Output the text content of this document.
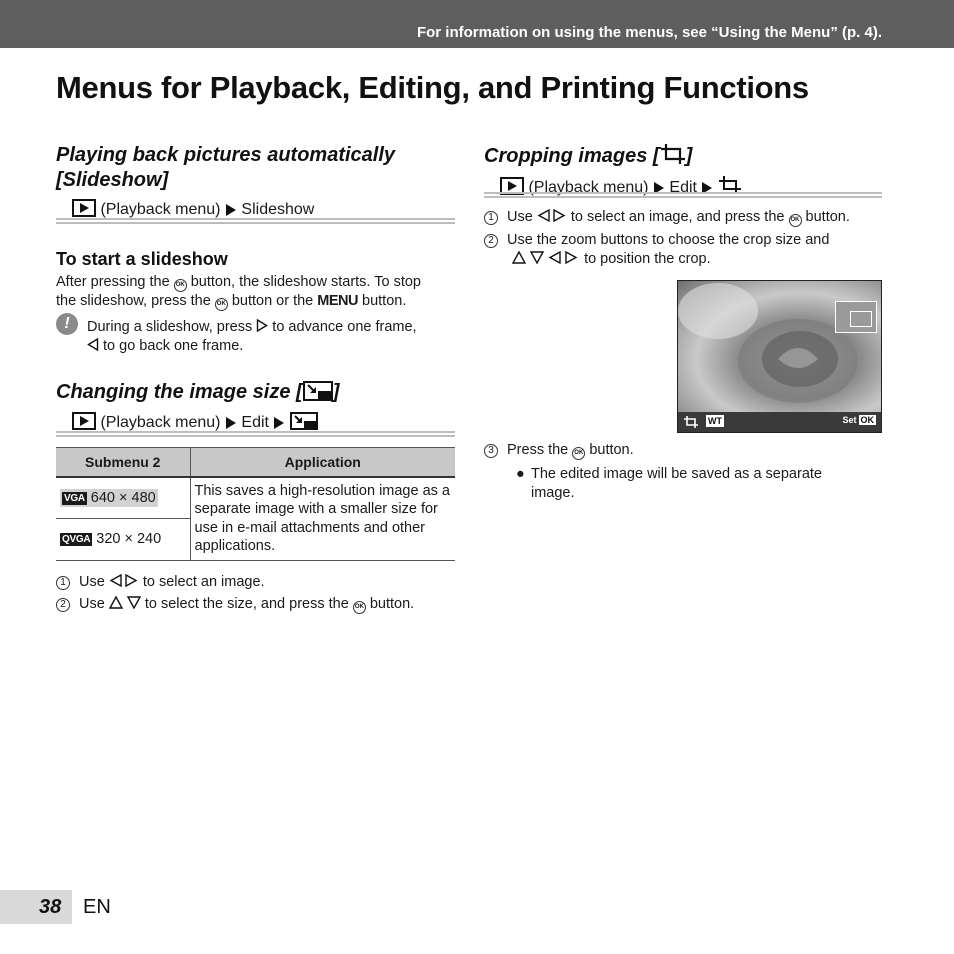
For information on using the menus, see “Using the Menu” (p. 4).
Menus for Playback, Editing, and Printing Functions
Playing back pictures automatically
[Slideshow]
(Playback menu) Slideshow
To start a slideshow
After pressing the OK button, the slideshow starts. To stop
the slideshow, press the OK button or the MENU button.
!	During a slideshow, press to advance one frame,
to go back one frame.
Changing the image size [ ]
(Playback menu) Edit
Submenu 2	Application
VGA 640 × 480	This saves a high-resolution image as a separate image with a smaller size for use in e-mail attachments and other applications.
QVGA 320 × 240	
1 Use	to select an image.
2 Use	to select the size, and press the OK button.
Cropping images [ ]
(Playback menu) Edit
1 Use	to select an image, and press the OK button.
2 Use the zoom buttons to choose the crop size and
to position the crop.
WT	Set OK
3 Press the OK button.
● The edited image will be saved as a separate image.
38 EN
